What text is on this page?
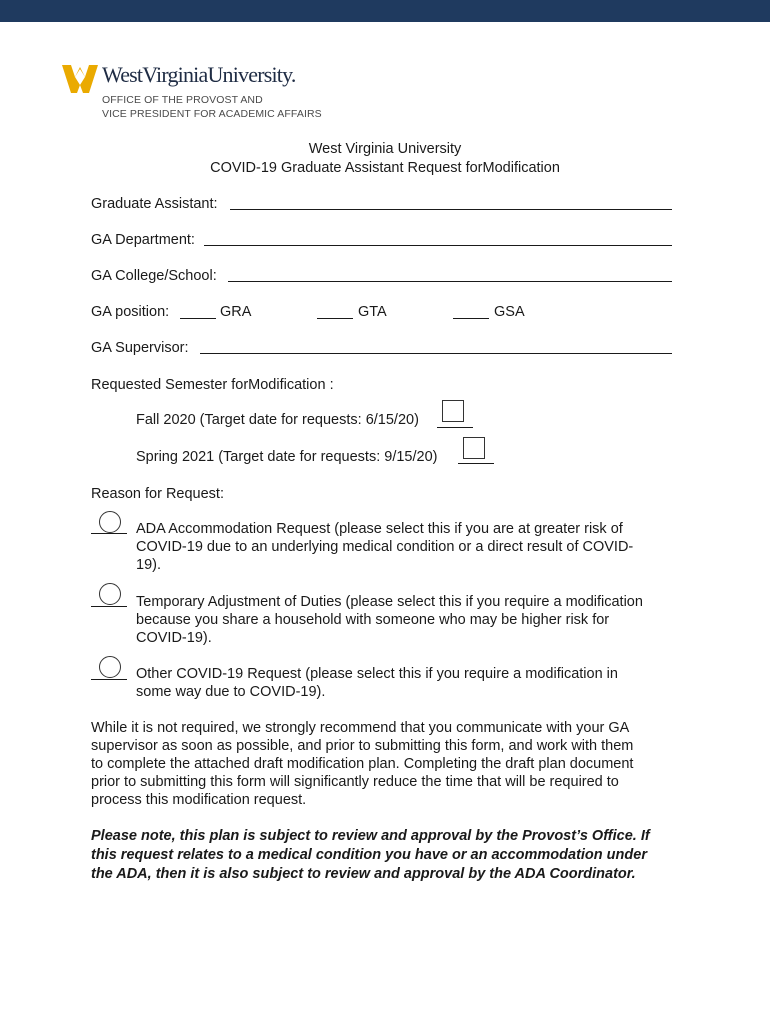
WestVirginiaUniversity.
OFFICE OF THE PROVOST AND
VICE PRESIDENT FOR ACADEMIC AFFAIRS
West Virginia University
COVID-19 Graduate Assistant Request forModification
Graduate Assistant:
GA Department:
GA College/School:
GA position:	GRA	GTA	GSA
GA Supervisor:
Requested Semester forModification :
Fall 2020 (Target date for requests: 6/15/20)
Spring 2021 (Target date for requests: 9/15/20)
Reason for Request:
ADA Accommodation Request (please select this if you are at greater risk of
COVID-19 due to an underlying medical condition or a direct result of COVID-
19).
Temporary Adjustment of Duties (please select this if you require a modification
because you share a household with someone who may be higher risk for
COVID-19).
Other COVID-19 Request (please select this if you require a modification in
some way due to COVID-19).
While it is not required, we strongly recommend that you communicate with your GA
supervisor as soon as possible, and prior to submitting this form, and work with them
to complete the attached draft modification plan. Completing the draft plan document
prior to submitting this form will significantly reduce the time that will be required to
process this modification request.
Please note, this plan is subject to review and approval by the Provost’s Office. If
this request relates to a medical condition you have or an accommodation under
the ADA, then it is also subject to review and approval by the ADA Coordinator.
